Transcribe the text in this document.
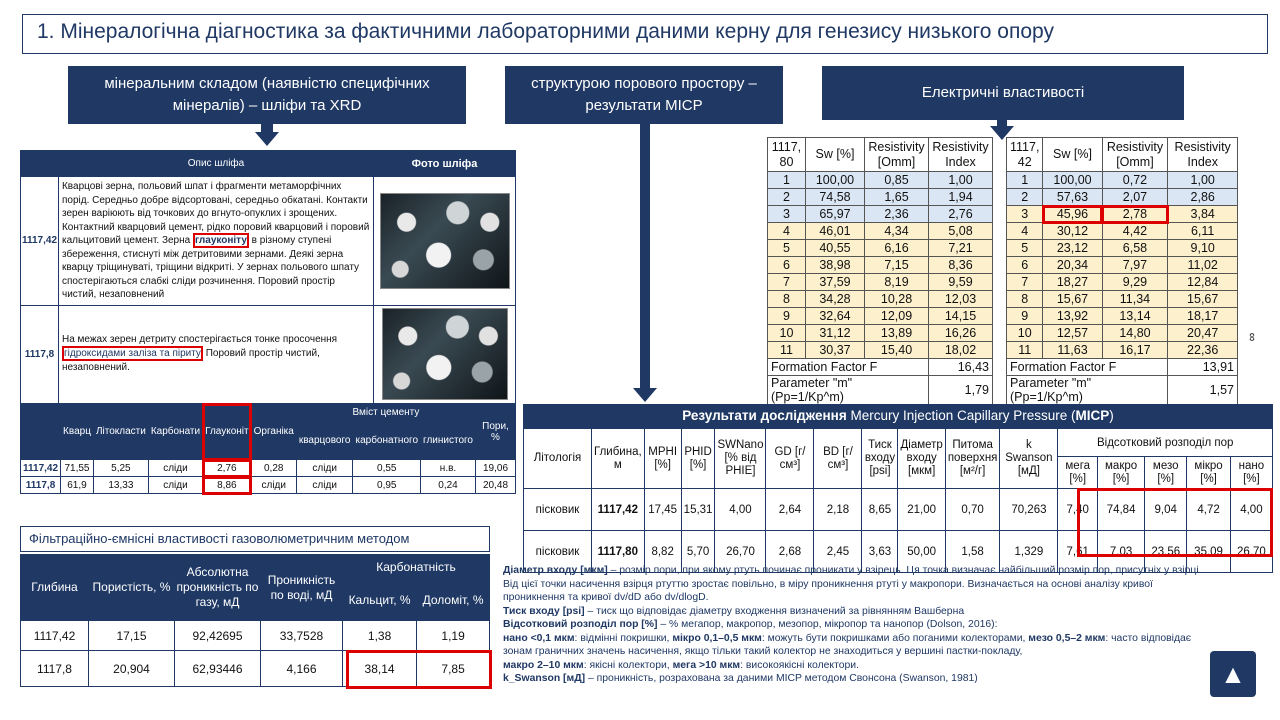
1. Мінералогічна діагностика за фактичними лабораторними даними керну для генезису низького опору
мінеральним складом (наявністю специфічних мінералів) – шліфи та XRD
структурою порового простору – результати MICP
Електричні властивості
	Опис шліфа	Фото шліфа
1117,42	Кварцові зерна, польовий шпат і фрагменти метаморфічних порід. Середньо добре відсортовані, середньо обкатані. Контакти зерен варіюють від точкових до вгнуто-опуклих і зрощених. Контактний кварцовий цемент, рідко поровий кварцовий і поровий кальцитовий цемент. Зерна глауконіту в різному ступені збереження, стиснуті між детритовими зернами. Деякі зерна кварцу тріщинуваті, тріщини відкриті. У зернах польового шпату спостерігаються слабкі сліди розчинення. Поровий простір чистий, незаповнений	

1117,8	На межах зерен детриту спостерігається тонке просочення гідроксидами заліза та піриту Поровий простір чистий, незаповнений.	
	Кварц	Літокласти	Карбонати	Глауконіт	Органіка	Вміст цементу			Пори, %
						кварцового	карбонатного	глинистого	
1117,42	71,55	5,25	сліди	2,76	0,28	сліди	0,55	н.в.	19,06
1117,8	61,9	13,33	сліди	8,86	сліди	сліди	0,95	0,24	20,48
1117,
80	Sw [%]	Resistivity [Omm]	Resistivity Index
1	100,00	0,85	1,00
2	74,58	1,65	1,94
3	65,97	2,36	2,76
4	46,01	4,34	5,08
5	40,55	6,16	7,21
6	38,98	7,15	8,36
7	37,59	8,19	9,59
8	34,28	10,28	12,03
9	32,64	12,09	14,15
10	31,12	13,89	16,26
11	30,37	15,40	18,02
Formation Factor F			16,43
Parameter "m" (Pp=1/Kp^m)			1,79
1117,
42	Sw [%]	Resistivity [Omm]	Resistivity Index
1	100,00	0,72	1,00
2	57,63	2,07	2,86
3	45,96	2,78	3,84
4	30,12	4,42	6,11
5	23,12	6,58	9,10
6	20,34	7,97	11,02
7	18,27	9,29	12,84
8	15,67	11,34	15,67
9	13,92	13,14	18,17
10	12,57	14,80	20,47
11	11,63	16,17	22,36
Formation Factor F			13,91
Parameter "m" (Pp=1/Kp^m)			1,57
∞
Результати дослідження Mercury Injection Capillary Pressure (MICP)
Літологія	Глибина, м	MPHI [%]	PHID [%]	SWNano [% від PHIE]	GD [г/см³]	BD [г/см³]	Тиск входу [psi]	Діаметр входу [мкм]	Питома поверхня [м²/г]	k Swanson [мД]	Відсотковий розподіл пор				
											мега [%]	макро [%]	мезо [%]	мікро [%]	нано [%]
пісковик	1117,42	17,45	15,31	4,00	2,64	2,18	8,65	21,00	0,70	70,263	7,40	74,84	9,04	4,72	4,00
пісковик	1117,80	8,82	5,70	26,70	2,68	2,45	3,63	50,00	1,58	1,329	7,61	7,03	23,56	35,09	26,70
Фільтраційно-ємнісні властивості газоволюметричним методом
Глибина	Пористість, %	Абсолютна проникність по газу, мД	Проникність по воді, мД	Карбонатність	
				Кальцит, %	Доломіт, %
1117,42	17,15	92,42695	33,7528	1,38	1,19
1117,8	20,904	62,93446	4,166	38,14	7,85
Діаметр входу [мкм] – розмір пори, при якому ртуть починає проникати у взірець. Ця точка визначає найбільший розмір пор, присутніх у взірці. Від цієї точки насичення взірця ртуттю зростає повільно, в міру проникнення ртуті у макропори. Визначається на основі аналізу кривої проникнення та кривої dv/dD або dv/dlogD.
Тиск входу [psi] – тиск що відповідає діаметру входження визначений за рівнянням Вашберна
Відсотковий розподіл пор [%] – % мегапор, макропор, мезопор, мікропор та нанопор (Dolson, 2016):
нано <0,1 мкм: відмінні покришки, мікро 0,1–0,5 мкм: можуть бути покришками або поганими колекторами, мезо 0,5–2 мкм: часто відповідає зонам граничних значень насичення, якщо тільки такий колектор не знаходиться у вершині пастки-покладу,
макро 2–10 мкм: якісні колектори, мега >10 мкм: високоякісні колектори.
k_Swanson [мД] – проникність, розрахована за даними MICP методом Свонсона (Swanson, 1981)	▲
